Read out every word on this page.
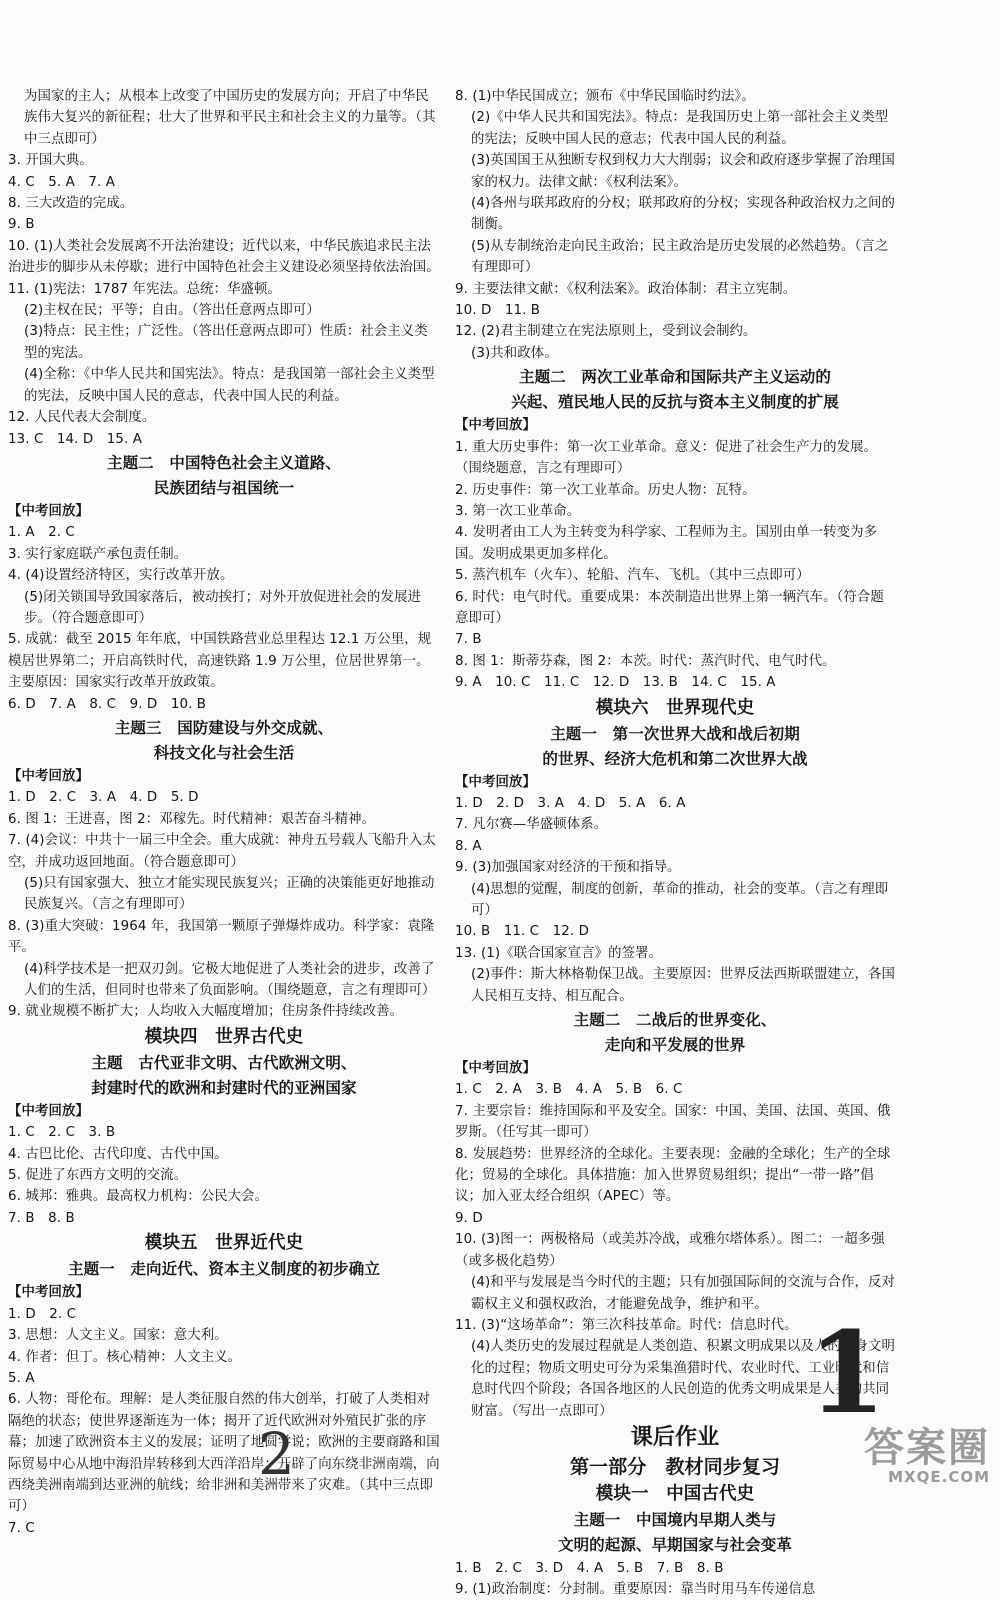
为国家的主人；从根本上改变了中国历史的发展方向；开启了中华民族伟大复兴的新征程；壮大了世界和平民主和社会主义的力量等。（其中三点即可）

3. 开国大典。

4. C　5. A　7. A

8. 三大改造的完成。

9. B

10. (1)人类社会发展离不开法治建设；近代以来，中华民族追求民主法治进步的脚步从未停歇；进行中国特色社会主义建设必须坚持依法治国。

11. (1)宪法：1787 年宪法。总统：华盛顿。

(2)主权在民；平等；自由。（答出任意两点即可）

(3)特点：民主性；广泛性。（答出任意两点即可）性质：社会主义类型的宪法。

(4)全称：《中华人民共和国宪法》。特点：是我国第一部社会主义类型的宪法，反映中国人民的意志，代表中国人民的利益。

12. 人民代表大会制度。

13. C　14. D　15. A

主题二　中国特色社会主义道路、
民族团结与祖国统一

【中考回放】

1. A　2. C

3. 实行家庭联产承包责任制。

4. (4)设置经济特区，实行改革开放。

(5)闭关锁国导致国家落后，被动挨打；对外开放促进社会的发展进步。（符合题意即可）

5. 成就：截至 2015 年年底，中国铁路营业总里程达 12.1 万公里，规模居世界第二；开启高铁时代，高速铁路 1.9 万公里，位居世界第一。主要原因：国家实行改革开放政策。

6. D　7. A　8. C　9. D　10. B

主题三　国防建设与外交成就、
科技文化与社会生活

【中考回放】

1. D　2. C　3. A　4. D　5. D

6. 图 1：王进喜，图 2：邓稼先。时代精神：艰苦奋斗精神。

7. (4)会议：中共十一届三中全会。重大成就：神舟五号载人飞船升入太空，并成功返回地面。（符合题意即可）

(5)只有国家强大、独立才能实现民族复兴；正确的决策能更好地推动民族复兴。（言之有理即可）

8. (3)重大突破：1964 年，我国第一颗原子弹爆炸成功。科学家：袁隆平。

(4)科学技术是一把双刃剑。它极大地促进了人类社会的进步，改善了人们的生活，但同时也带来了负面影响。（围绕题意，言之有理即可）

9. 就业规模不断扩大；人均收入大幅度增加；住房条件持续改善。

模块四　世界古代史
主题　古代亚非文明、古代欧洲文明、
封建时代的欧洲和封建时代的亚洲国家

【中考回放】

1. C　2. C　3. B

4. 古巴比伦、古代印度、古代中国。

5. 促进了东西方文明的交流。

6. 城邦：雅典。最高权力机构：公民大会。

7. B　8. B

模块五　世界近代史
主题一　走向近代、资本主义制度的初步确立

【中考回放】

1. D　2. C

3. 思想：人文主义。国家：意大利。

4. 作者：但丁。核心精神：人文主义。

5. A

6. 人物：哥伦布。理解：是人类征服自然的伟大创举，打破了人类相对隔绝的状态；使世界逐渐连为一体；揭开了近代欧洲对外殖民扩张的序幕；加速了欧洲资本主义的发展；证明了地圆学说；欧洲的主要商路和国际贸易中心从地中海沿岸转移到大西洋沿岸；开辟了向东绕非洲南端，向西绕美洲南端到达亚洲的航线；给非洲和美洲带来了灾难。（其中三点即可）

7. C

8. (1)中华民国成立；颁布《中华民国临时约法》。

(2)《中华人民共和国宪法》。特点：是我国历史上第一部社会主义类型的宪法；反映中国人民的意志；代表中国人民的利益。

(3)英国国王从独断专权到权力大大削弱；议会和政府逐步掌握了治理国家的权力。法律文献：《权利法案》。

(4)各州与联邦政府的分权；联邦政府的分权；实现各种政治权力之间的制衡。

(5)从专制统治走向民主政治；民主政治是历史发展的必然趋势。（言之有理即可）

9. 主要法律文献：《权利法案》。政治体制：君主立宪制。

10. D　11. B

12. (2)君主制建立在宪法原则上，受到议会制约。

(3)共和政体。

主题二　两次工业革命和国际共产主义运动的
兴起、殖民地人民的反抗与资本主义制度的扩展

【中考回放】

1. 重大历史事件：第一次工业革命。意义：促进了社会生产力的发展。（围绕题意，言之有理即可）

2. 历史事件：第一次工业革命。历史人物：瓦特。

3. 第一次工业革命。

4. 发明者由工人为主转变为科学家、工程师为主。国别由单一转变为多国。发明成果更加多样化。

5. 蒸汽机车（火车）、轮船、汽车、飞机。（其中三点即可）

6. 时代：电气时代。重要成果：本茨制造出世界上第一辆汽车。（符合题意即可）

7. B

8. 图 1：斯蒂芬森，图 2：本茨。时代：蒸汽时代、电气时代。

9. A　10. C　11. C　12. D　13. B　14. C　15. A

模块六　世界现代史
主题一　第一次世界大战和战后初期
的世界、经济大危机和第二次世界大战

【中考回放】

1. D　2. D　3. A　4. D　5. A　6. A

7. 凡尔赛—华盛顿体系。

8. A

9. (3)加强国家对经济的干预和指导。

(4)思想的觉醒，制度的创新，革命的推动，社会的变革。（言之有理即可）

10. B　11. C　12. D

13. (1)《联合国家宣言》的签署。

(2)事件：斯大林格勒保卫战。主要原因：世界反法西斯联盟建立，各国人民相互支持、相互配合。

主题二　二战后的世界变化、
走向和平发展的世界

【中考回放】

1. C　2. A　3. B　4. A　5. B　6. C

7. 主要宗旨：维持国际和平及安全。国家：中国、美国、法国、英国、俄罗斯。（任写其一即可）

8. 发展趋势：世界经济的全球化。主要表现：金融的全球化；生产的全球化；贸易的全球化。具体措施：加入世界贸易组织；提出“一带一路”倡议；加入亚太经合组织（APEC）等。

9. D

10. (3)图一：两极格局（或美苏冷战，或雅尔塔体系）。图二：一超多强（或多极化趋势）

(4)和平与发展是当今时代的主题；只有加强国际间的交流与合作，反对霸权主义和强权政治，才能避免战争，维护和平。

11. (3)“这场革命”：第三次科技革命。时代：信息时代。

(4)人类历史的发展过程就是人类创造、积累文明成果以及人的自身文明化的过程；物质文明史可分为采集渔猎时代、农业时代、工业时代和信息时代四个阶段；各国各地区的人民创造的优秀文明成果是人类的共同财富。（写出一点即可）

课后作业
第一部分　教材同步复习
模块一　中国古代史
主题一　中国境内早期人类与
文明的起源、早期国家与社会变革

1. B　2. C　3. D　4. A　5. B　7. B　8. B

9. (1)政治制度：分封制。重要原因：靠当时用马车传递信息

1
2	答案圈
MXQE.COM
